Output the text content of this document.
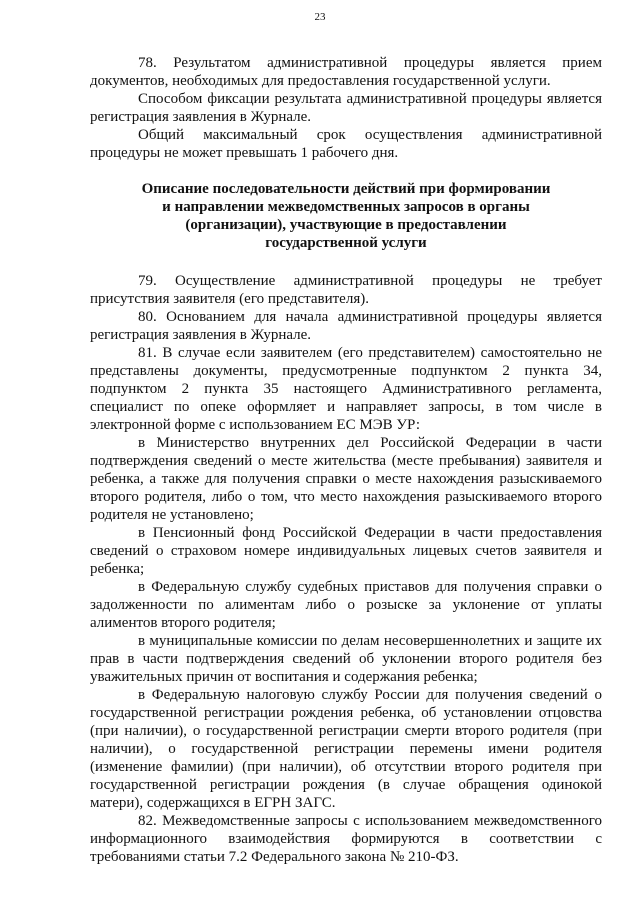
23

78. Результатом административной процедуры является прием документов, необходимых для предоставления государственной услуги.

Способом фиксации результата административной процедуры является регистрация заявления в Журнале.

Общий максимальный срок осуществления административной процедуры не может превышать 1 рабочего дня.

Описание последовательности действий при формировании
и направлении межведомственных запросов в органы
(организации), участвующие в предоставлении
государственной услуги

79. Осуществление административной процедуры не требует присутствия заявителя (его представителя).

80. Основанием для начала административной процедуры является регистрация заявления в Журнале.

81. В случае если заявителем (его представителем) самостоятельно не представлены документы, предусмотренные подпунктом 2 пункта 34, подпунктом 2 пункта 35 настоящего Административного регламента, специалист по опеке оформляет и направляет запросы, в том числе в электронной форме с использованием ЕС МЭВ УР:

в Министерство внутренних дел Российской Федерации в части подтверждения сведений о месте жительства (месте пребывания) заявителя и ребенка, а также для получения справки о месте нахождения разыскиваемого второго родителя, либо о том, что место нахождения разыскиваемого второго родителя не установлено;

в Пенсионный фонд Российской Федерации в части предоставления сведений о страховом номере индивидуальных лицевых счетов заявителя и ребенка;

в Федеральную службу судебных приставов для получения справки о задолженности по алиментам либо о розыске за уклонение от уплаты алиментов второго родителя;

в муниципальные комиссии по делам несовершеннолетних и защите их прав в части подтверждения сведений об уклонении второго родителя без уважительных причин от воспитания и содержания ребенка;

в Федеральную налоговую службу России для получения сведений о государственной регистрации рождения ребенка, об установлении отцовства (при наличии), о государственной регистрации смерти второго родителя (при наличии), о государственной регистрации перемены имени родителя (изменение фамилии) (при наличии), об отсутствии второго родителя при государственной регистрации рождения (в случае обращения одинокой матери), содержащихся в ЕГРН ЗАГС.

82. Межведомственные запросы с использованием межведомственного информационного взаимодействия формируются в соответствии с требованиями статьи 7.2 Федерального закона № 210-ФЗ.
